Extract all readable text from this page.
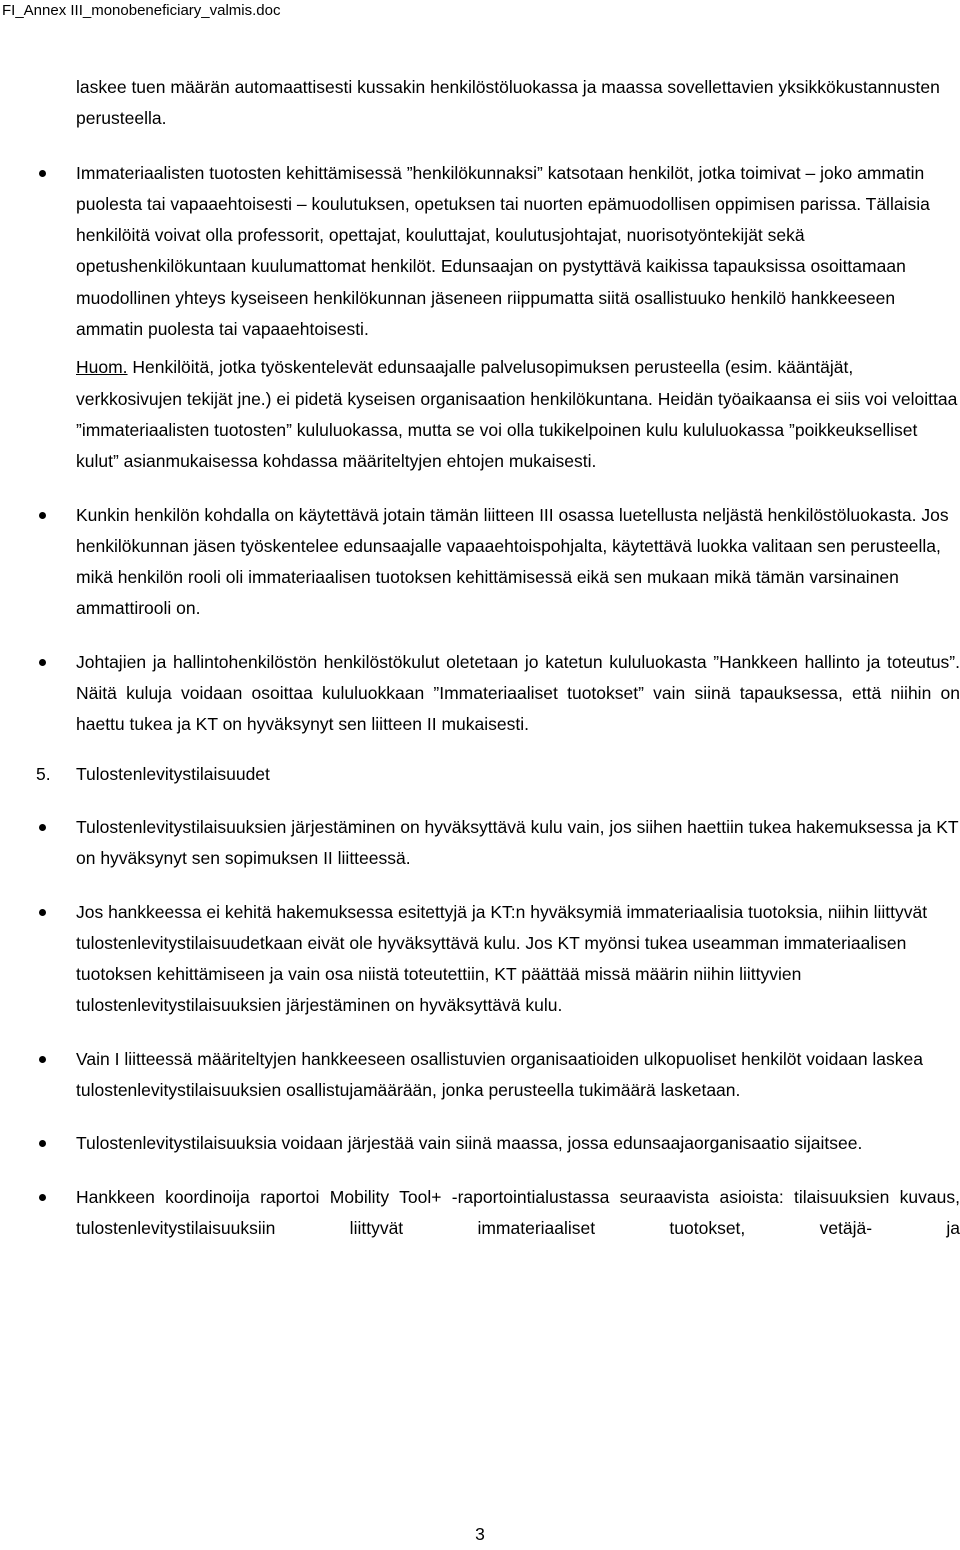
FI_Annex III_monobeneficiary_valmis.doc

laskee tuen määrän automaattisesti kussakin henkilöstöluokassa ja maassa sovellettavien yksikkökustannusten perusteella.

Immateriaalisten tuotosten kehittämisessä ”henkilökunnaksi” katsotaan henkilöt, jotka toimivat – joko ammatin puolesta tai vapaaehtoisesti – koulutuksen, opetuksen tai nuorten epämuodollisen oppimisen parissa. Tällaisia henkilöitä voivat olla professorit, opettajat, kouluttajat, koulutusjohtajat, nuorisotyöntekijät sekä opetushenkilökuntaan kuulumattomat henkilöt. Edunsaajan on pystyttävä kaikissa tapauksissa osoittamaan muodollinen yhteys kyseiseen henkilökunnan jäseneen riippumatta siitä osallistuuko henkilö hankkeeseen ammatin puolesta tai vapaaehtoisesti.

Huom. Henkilöitä, jotka työskentelevät edunsaajalle palvelusopimuksen perusteella (esim. kääntäjät, verkkosivujen tekijät jne.) ei pidetä kyseisen organisaation henkilökuntana. Heidän työaikaansa ei siis voi veloittaa ”immateriaalisten tuotosten” kululuokassa, mutta se voi olla tukikelpoinen kulu kululuokassa ”poikkeukselliset kulut” asianmukaisessa kohdassa määriteltyjen ehtojen mukaisesti.

Kunkin henkilön kohdalla on käytettävä jotain tämän liitteen III osassa luetellusta neljästä henkilöstöluokasta. Jos henkilökunnan jäsen työskentelee edunsaajalle vapaaehtoispohjalta, käytettävä luokka valitaan sen perusteella, mikä henkilön rooli oli immateriaalisen tuotoksen kehittämisessä eikä sen mukaan mikä tämän varsinainen ammattirooli on.

Johtajien ja hallintohenkilöstön henkilöstökulut oletetaan jo katetun kululuokasta ”Hankkeen hallinto ja toteutus”. Näitä kuluja voidaan osoittaa kululuokkaan ”Immateriaaliset tuotokset” vain siinä tapauksessa, että niihin on haettu tukea ja KT on hyväksynyt sen liitteen II mukaisesti.

5. Tulostenlevitystilaisuudet

Tulostenlevitystilaisuuksien järjestäminen on hyväksyttävä kulu vain, jos siihen haettiin tukea hakemuksessa ja KT on hyväksynyt sen sopimuksen II liitteessä.

Jos hankkeessa ei kehitä hakemuksessa esitettyjä ja KT:n hyväksymiä immateriaalisia tuotoksia, niihin liittyvät tulostenlevitystilaisuudetkaan eivät ole hyväksyttävä kulu. Jos KT myönsi tukea useamman immateriaalisen tuotoksen kehittämiseen ja vain osa niistä toteutettiin, KT päättää missä määrin niihin liittyvien tulostenlevitystilaisuuksien järjestäminen on hyväksyttävä kulu.

Vain I liitteessä määriteltyjen hankkeeseen osallistuvien organisaatioiden ulkopuoliset henkilöt voidaan laskea tulostenlevitystilaisuuksien osallistujamäärään, jonka perusteella tukimäärä lasketaan.

Tulostenlevitystilaisuuksia voidaan järjestää vain siinä maassa, jossa edunsaajaorganisaatio sijaitsee.

Hankkeen koordinoija raportoi Mobility Tool+ -raportointialustassa seuraavista asioista: tilaisuuksien kuvaus, tulostenlevitystilaisuuksiin liittyvät immateriaaliset tuotokset, vetäjä- ja

3
